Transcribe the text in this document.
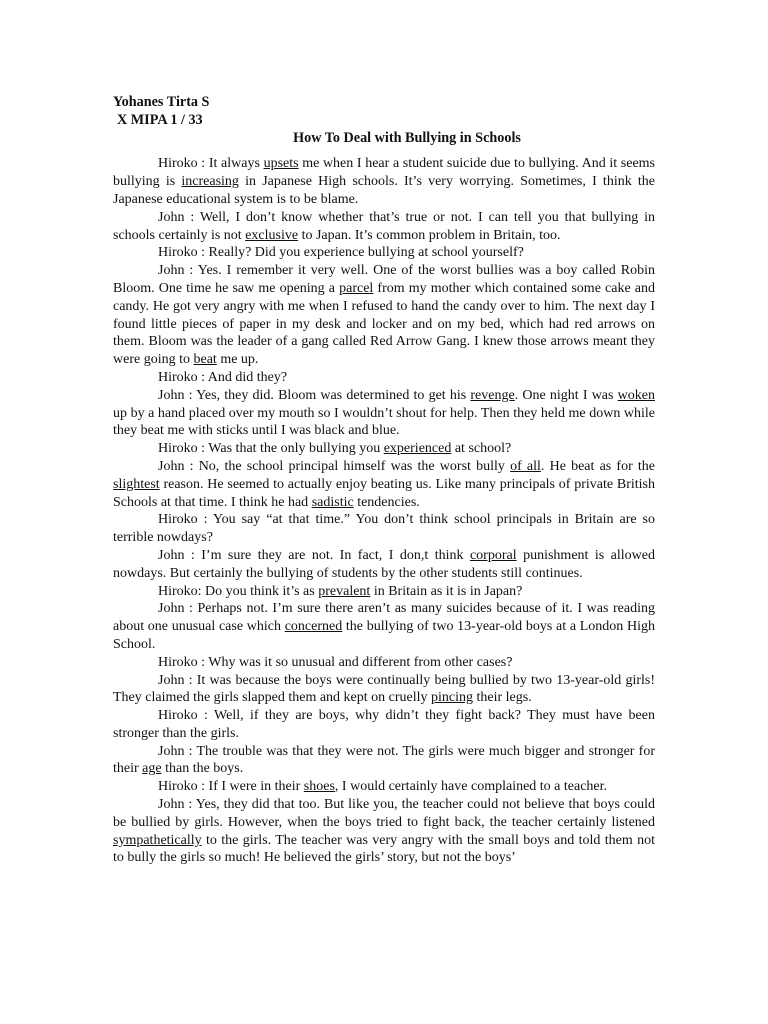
Yohanes Tirta S
X MIPA 1 / 33
How To Deal with Bullying in Schools

Hiroko : It always upsets me when I hear a student suicide due to bullying. And it seems bullying is increasing in Japanese High schools. It’s very worrying. Sometimes, I think the Japanese educational system is to be blame.

John : Well, I don’t know whether that’s true or not. I can tell you that bullying in schools certainly is not exclusive to Japan. It’s common problem in Britain, too.

Hiroko : Really? Did you experience bullying at school yourself?

John : Yes. I remember it very well. One of the worst bullies was a boy called Robin Bloom. One time he saw me opening a parcel from my mother which contained some cake and candy. He got very angry with me when I refused to hand the candy over to him. The next day I found little pieces of paper in my desk and locker and on my bed, which had red arrows on them. Bloom was the leader of a gang called Red Arrow Gang. I knew those arrows meant they were going to beat me up.

Hiroko : And did they?

John : Yes, they did. Bloom was determined to get his revenge. One night I was woken up by a hand placed over my mouth so I wouldn’t shout for help. Then they held me down while they beat me with sticks until I was black and blue.

Hiroko : Was that the only bullying you experienced at school?

John : No, the school principal himself was the worst bully of all. He beat as for the slightest reason. He seemed to actually enjoy beating us. Like many principals of private British Schools at that time. I think he had sadistic tendencies.

Hiroko : You say “at that time.” You don’t think school principals in Britain are so terrible nowdays?

John : I’m sure they are not. In fact, I don,t think corporal punishment is allowed nowdays. But certainly the bullying of students by the other students still continues.

Hiroko: Do you think it’s as prevalent in Britain as it is in Japan?

John : Perhaps not. I’m sure there aren’t as many suicides because of it. I was reading about one unusual case which concerned the bullying of two 13-year-old boys at a London High School.

Hiroko : Why was it so unusual and different from other cases?

John : It was because the boys were continually being bullied by two 13-year-old girls! They claimed the girls slapped them and kept on cruelly pincing their legs.

Hiroko : Well, if they are boys, why didn’t they fight back? They must have been stronger than the girls.

John : The trouble was that they were not. The girls were much bigger and stronger for their age than the boys.

Hiroko : If I were in their shoes, I would certainly have complained to a teacher.

John : Yes, they did that too. But like you, the teacher could not believe that boys could be bullied by girls. However, when the boys tried to fight back, the teacher certainly listened sympathetically to the girls. The teacher was very angry with the small boys and told them not to bully the girls so much! He believed the girls’ story, but not the boys’
